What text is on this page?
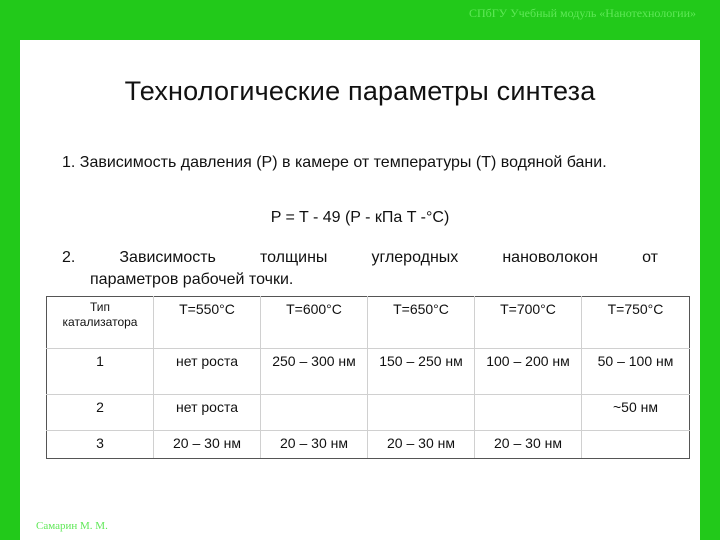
СПбГУ Учебный модуль «Нанотехнологии»
Технологические параметры синтеза
1. Зависимость давления (P) в камере от температуры (T) водяной бани.
P = T - 49 (P - кПа T -°С)
2.	Зависимость	толщины	углеродных	нановолокон	от
параметров рабочей точки.
Тип катализатора	T=550°C	T=600°C	T=650°C	T=700°C	T=750°C
1	нет роста	250 – 300 нм	150 – 250 нм	100 – 200 нм	50 – 100 нм
2	нет роста				~50 нм
3	20 – 30 нм	20 – 30 нм	20 – 30 нм	20 – 30 нм	
Самарин М. М.
